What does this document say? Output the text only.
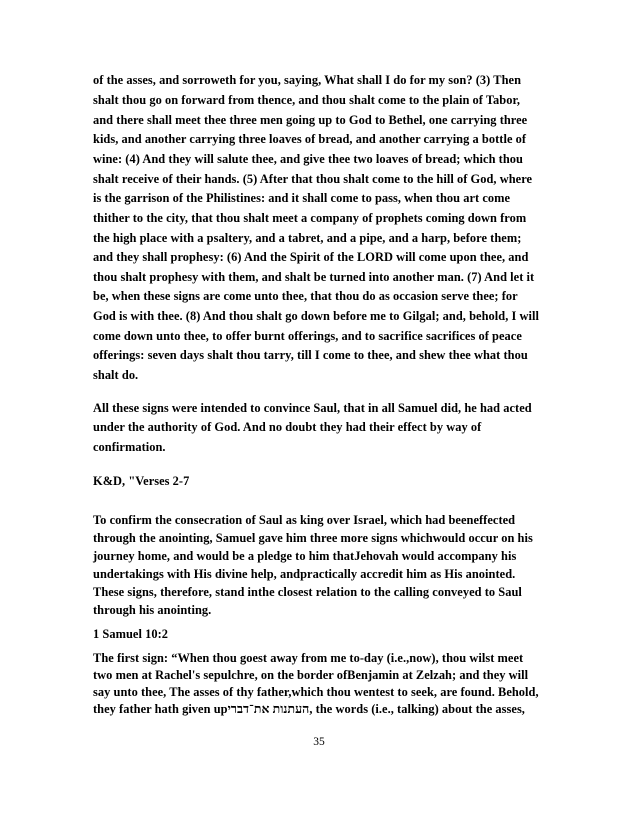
of the asses, and sorroweth for you, saying, What shall I do for my son? (3) Then

shalt thou go on forward from thence, and thou shalt come to the plain of Tabor,

and there shall meet thee three men going up to God to Bethel, one carrying three

kids, and another carrying three loaves of bread, and another carrying a bottle of

wine: (4) And they will salute thee, and give thee two loaves of bread; which thou

shalt receive of their hands. (5) After that thou shalt come to the hill of God, where

is the garrison of the Philistines: and it shall come to pass, when thou art come

thither to the city, that thou shalt meet a company of prophets coming down from

the high place with a psaltery, and a tabret, and a pipe, and a harp, before them;

and they shall prophesy: (6) And the Spirit of the LORD will come upon thee, and

thou shalt prophesy with them, and shalt be turned into another man. (7) And let it

be, when these signs are come unto thee, that thou do as occasion serve thee; for

God is with thee. (8) And thou shalt go down before me to Gilgal; and, behold, I will

come down unto thee, to offer burnt offerings, and to sacrifice sacrifices of peace

offerings: seven days shalt thou tarry, till I come to thee, and shew thee what thou

shalt do.

All these signs were intended to convince Saul, that in all Samuel did, he had acted

under the authority of God. And no doubt they had their effect by way of

confirmation.

K&D, "Verses 2-7

To confirm the consecration of Saul as king over Israel, which had beeneffected

through the anointing, Samuel gave him three more signs whichwould occur on his

journey home, and would be a pledge to him thatJehovah would accompany his

undertakings with His divine help, andpractically accredit him as His anointed.

These signs, therefore, stand inthe closest relation to the calling conveyed to Saul

through his anointing.

1 Samuel 10:2

35

The first sign: “When thou goest away from me to-day (i.e.,now), thou wilst meet

two men at Rachel's sepulchre, on the border ofBenjamin at Zelzah; and they will

say unto thee, The asses of thy father,which thou wentest to seek, are found. Behold,

they father hath given upהעתנות את־דברי, the words (i.e., talking) about the asses,
